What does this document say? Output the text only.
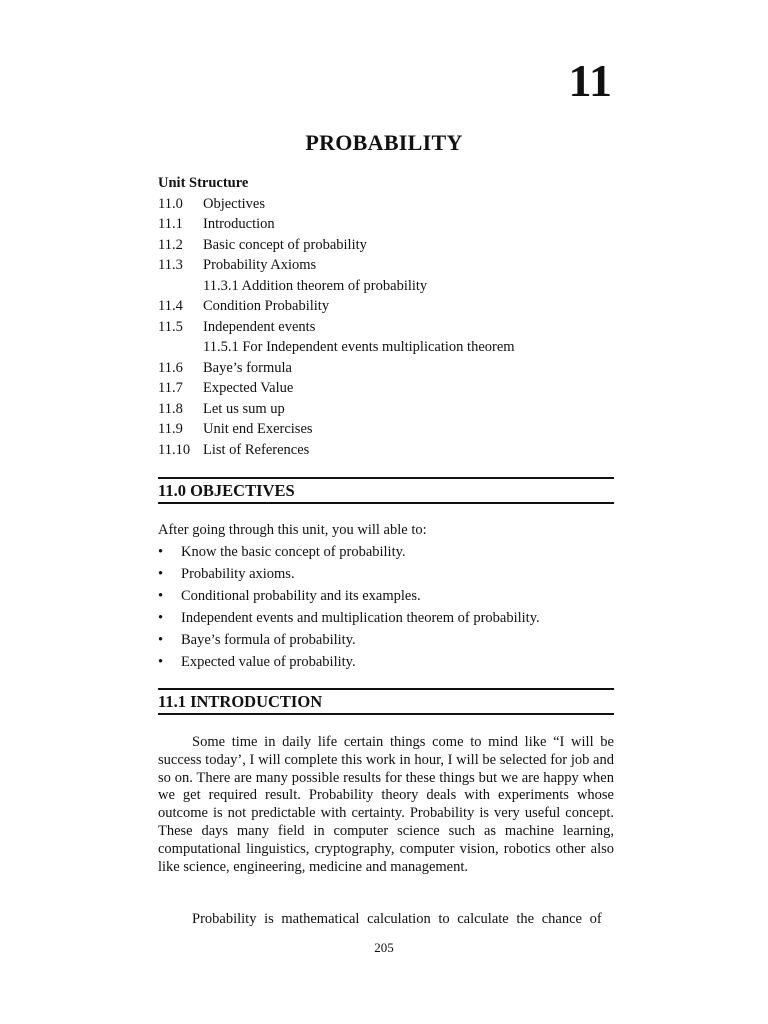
11
PROBABILITY
Unit Structure
11.0	Objectives
11.1	Introduction
11.2	Basic concept of probability
11.3	Probability Axioms
11.3.1 Addition theorem of probability
11.4	Condition Probability
11.5	Independent events
11.5.1 For Independent events multiplication theorem
11.6	Baye’s formula
11.7	Expected Value
11.8	Let us sum up
11.9	Unit end Exercises
11.10 List of References
11.0 OBJECTIVES
After going through this unit, you will able to:
•	Know the basic concept of probability.
•	Probability axioms.
•	Conditional probability and its examples.
•	Independent events and multiplication theorem of probability.
•	Baye’s formula of probability.
•	Expected value of probability.
11.1 INTRODUCTION

Some time in daily life certain things come to mind like “I will be success today’, I will complete this work in hour, I will be selected for job and so on. There are many possible results for these things but we are happy when we get required result. Probability theory deals with experiments whose outcome is not predictable with certainty. Probability is very useful concept. These days many field in computer science such as machine learning, computational linguistics, cryptography, computer vision, robotics other also like science, engineering, medicine and management.

Probability is mathematical calculation to calculate the chance of

205
